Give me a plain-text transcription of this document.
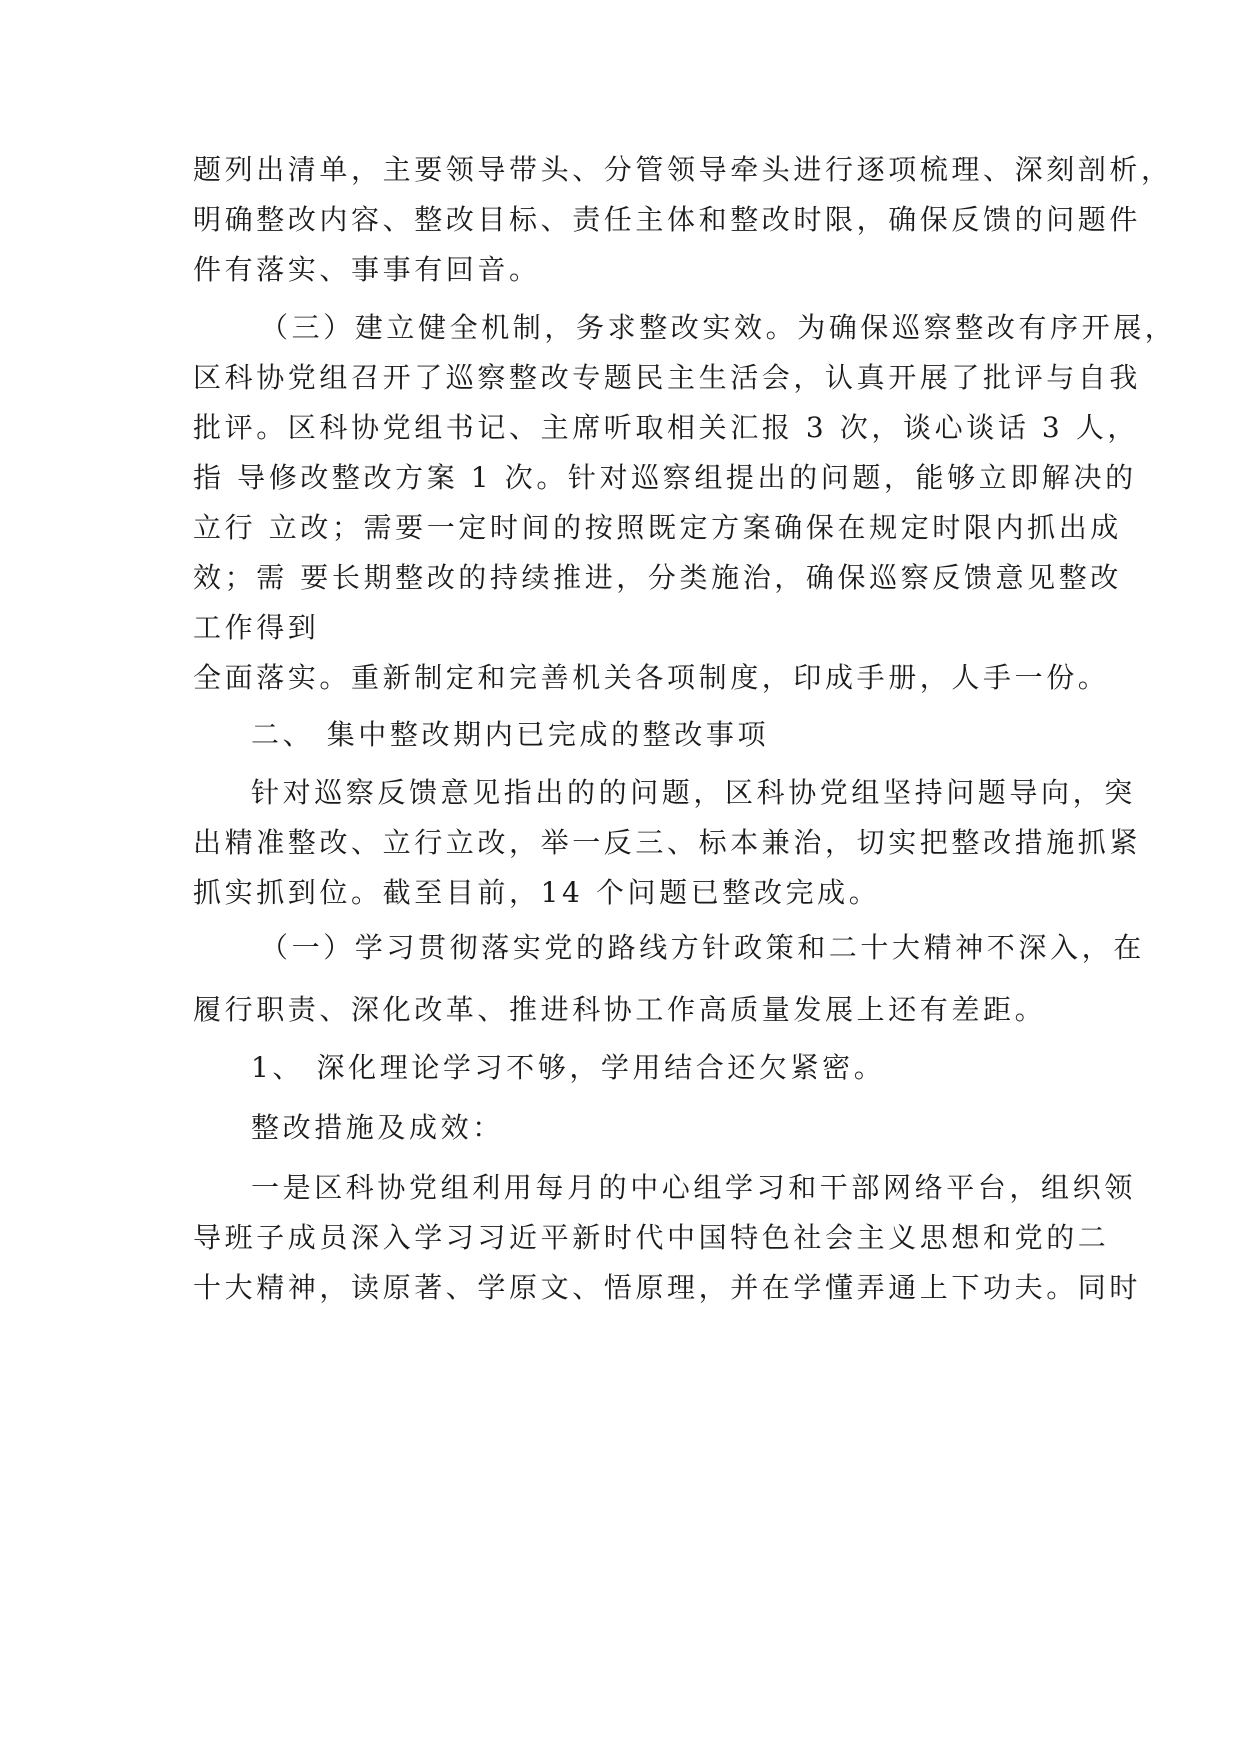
题列出清单，主要领导带头、分管领导牵头进行逐项梳理、深刻剖析，
明确整改内容、整改目标、责任主体和整改时限，确保反馈的问题件
件有落实、事事有回音。
（三）建立健全机制，务求整改实效。为确保巡察整改有序开展，
区科协党组召开了巡察整改专题民主生活会，认真开展了批评与自我
批评。区科协党组书记、主席听取相关汇报 3 次，谈心谈话 3 人，
指 导修改整改方案 1 次。针对巡察组提出的问题，能够立即解决的
立行 立改；需要一定时间的按照既定方案确保在规定时限内抓出成
效；需 要长期整改的持续推进，分类施治，确保巡察反馈意见整改
工作得到
全面落实。重新制定和完善机关各项制度，印成手册，人手一份。
二、 集中整改期内已完成的整改事项
针对巡察反馈意见指出的的问题，区科协党组坚持问题导向，突
出精准整改、立行立改，举一反三、标本兼治，切实把整改措施抓紧
抓实抓到位。截至目前，14 个问题已整改完成。
（一）学习贯彻落实党的路线方针政策和二十大精神不深入，在
履行职责、深化改革、推进科协工作高质量发展上还有差距。
1、 深化理论学习不够，学用结合还欠紧密。
整改措施及成效：
一是区科协党组利用每月的中心组学习和干部网络平台，组织领
导班子成员深入学习习近平新时代中国特色社会主义思想和党的二
十大精神，读原著、学原文、悟原理，并在学懂弄通上下功夫。同时
